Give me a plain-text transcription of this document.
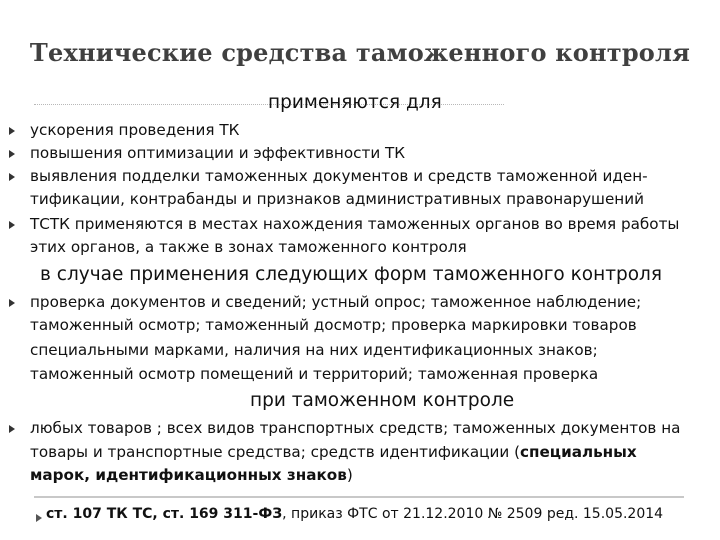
Технические средства таможенного контроля
применяются для
ускорения проведения ТК
повышения оптимизации и эффективности ТК
выявления подделки таможенных документов и средств таможенной иден-
тификации, контрабанды и признаков административных правонарушений
ТСТК применяются в местах нахождения таможенных органов во время работы
этих органов, а также в зонах таможенного контроля
в случае применения следующих форм таможенного контроля
проверка документов и сведений; устный опрос; таможенное наблюдение;
таможенный осмотр; таможенный досмотр; проверка маркировки товаров
специальными марками, наличия на них идентификационных знаков;
таможенный осмотр помещений и территорий; таможенная проверка
при таможенном контроле
любых товаров ; всех видов транспортных средств; таможенных документов на
товары и транспортные средства; средств идентификации (специальных
марок, идентификационных знаков)
ст. 107 ТК ТС, ст. 169 311-ФЗ, приказ ФТС от 21.12.2010 № 2509 ред. 15.05.2014
